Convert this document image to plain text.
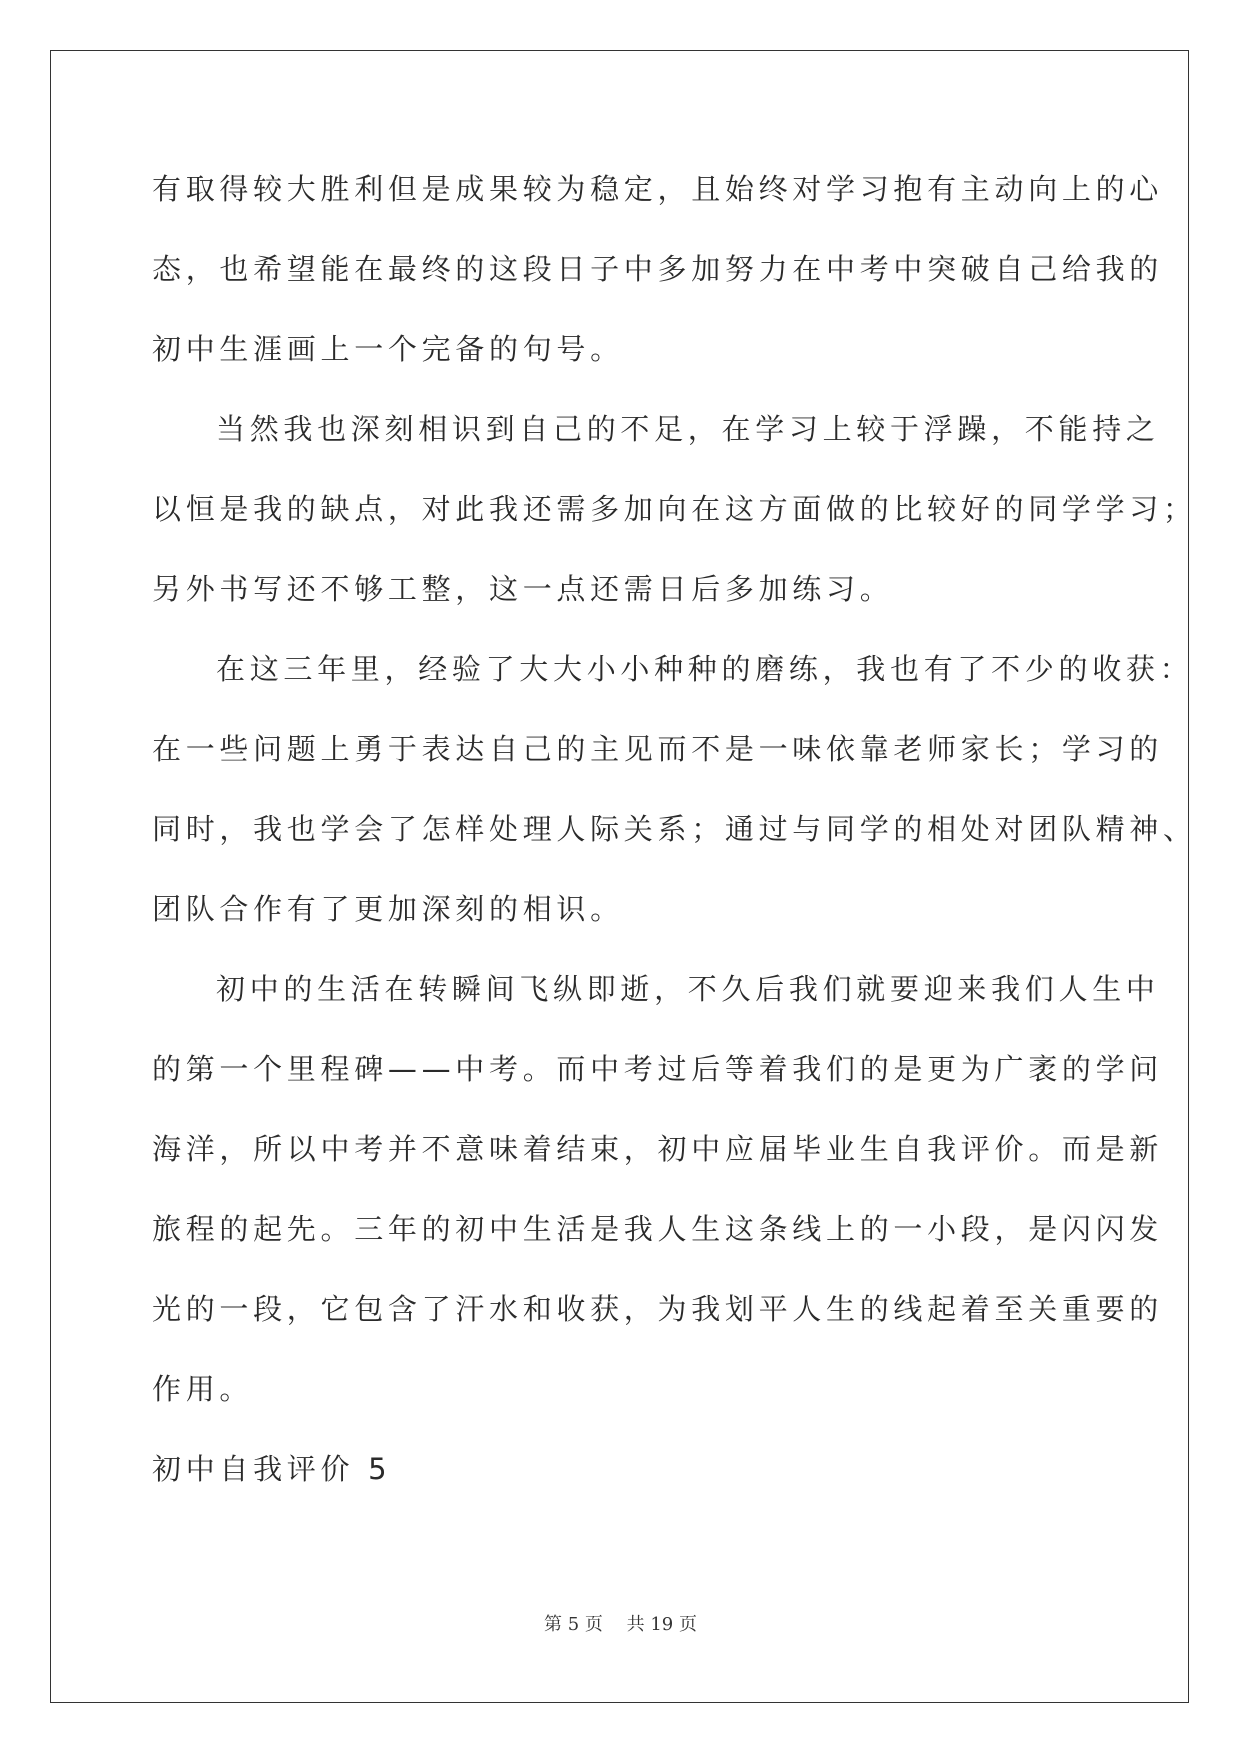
有取得较大胜利但是成果较为稳定，且始终对学习抱有主动向上的心
态，也希望能在最终的这段日子中多加努力在中考中突破自己给我的
初中生涯画上一个完备的句号。
当然我也深刻相识到自己的不足，在学习上较于浮躁，不能持之
以恒是我的缺点，对此我还需多加向在这方面做的比较好的同学学习；
另外书写还不够工整，这一点还需日后多加练习。
在这三年里，经验了大大小小种种的磨练，我也有了不少的收获：
在一些问题上勇于表达自己的主见而不是一味依靠老师家长；学习的
同时，我也学会了怎样处理人际关系；通过与同学的相处对团队精神、
团队合作有了更加深刻的相识。
初中的生活在转瞬间飞纵即逝，不久后我们就要迎来我们人生中
的第一个里程碑——中考。而中考过后等着我们的是更为广袤的学问
海洋，所以中考并不意味着结束，初中应届毕业生自我评价。而是新
旅程的起先。三年的初中生活是我人生这条线上的一小段，是闪闪发
光的一段，它包含了汗水和收获，为我划平人生的线起着至关重要的
作用。
初中自我评价 5
第 5 页　 共 19 页
